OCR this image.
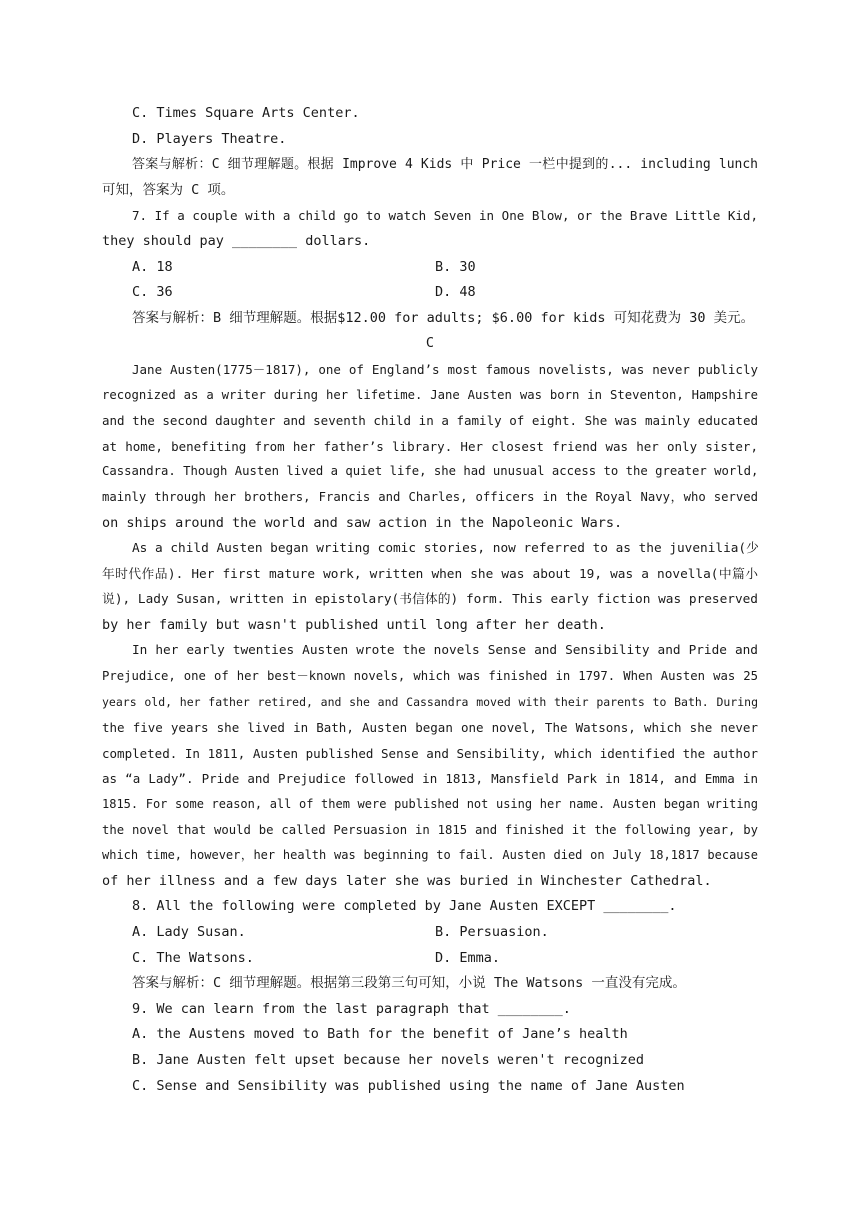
C. Times Square Arts Center.
D. Players Theatre.
答案与解析：C 细节理解题。根据 Improve 4 Kids 中 Price 一栏中提到的... including lunch
可知，答案为 C 项。
7. If a couple with a child go to watch Seven in One Blow, or the Brave Little Kid,
they should pay ________ dollars.
A. 18	B. 30
C. 36	D. 48
答案与解析：B 细节理解题。根据$12.00 for adults; $6.00 for kids 可知花费为 30 美元。
C
Jane Austen(1775－1817), one of England’s most famous novelists, was never publicly
recognized as a writer during her lifetime. Jane Austen was born in Steventon, Hampshire
and the second daughter and seventh child in a family of eight. She was mainly educated
at home, benefiting from her father’s library. Her closest friend was her only sister,
Cassandra. Though Austen lived a quiet life, she had unusual access to the greater world,
mainly through her brothers, Francis and Charles, officers in the Royal Navy，who served
on ships around the world and saw action in the Napoleonic Wars.
As a child Austen began writing comic stories, now referred to as the juvenilia(少
年时代作品). Her first mature work, written when she was about 19, was a novella(中篇小
说), Lady Susan, written in epistolary(书信体的) form. This early fiction was preserved
by her family but wasn't published until long after her death.
In her early twenties Austen wrote the novels Sense and Sensibility and Pride and
Prejudice, one of her best－known novels, which was finished in 1797. When Austen was 25
years old, her father retired, and she and Cassandra moved with their parents to Bath. During
the five years she lived in Bath, Austen began one novel, The Watsons, which she never
completed. In 1811, Austen published Sense and Sensibility, which identified the author
as “a Lady”. Pride and Prejudice followed in 1813, Mansfield Park in 1814, and Emma in
1815. For some reason, all of them were published not using her name. Austen began writing
the novel that would be called Persuasion in 1815 and finished it the following year, by
which time, however，her health was beginning to fail. Austen died on July 18,1817 because
of her illness and a few days later she was buried in Winchester Cathedral.
8. All the following were completed by Jane Austen EXCEPT ________.
A. Lady Susan.	B. Persuasion.
C. The Watsons.	D. Emma.
答案与解析：C 细节理解题。根据第三段第三句可知，小说 The Watsons 一直没有完成。
9. We can learn from the last paragraph that ________.
A. the Austens moved to Bath for the benefit of Jane’s health
B. Jane Austen felt upset because her novels weren't recognized
C. Sense and Sensibility was published using the name of Jane Austen
